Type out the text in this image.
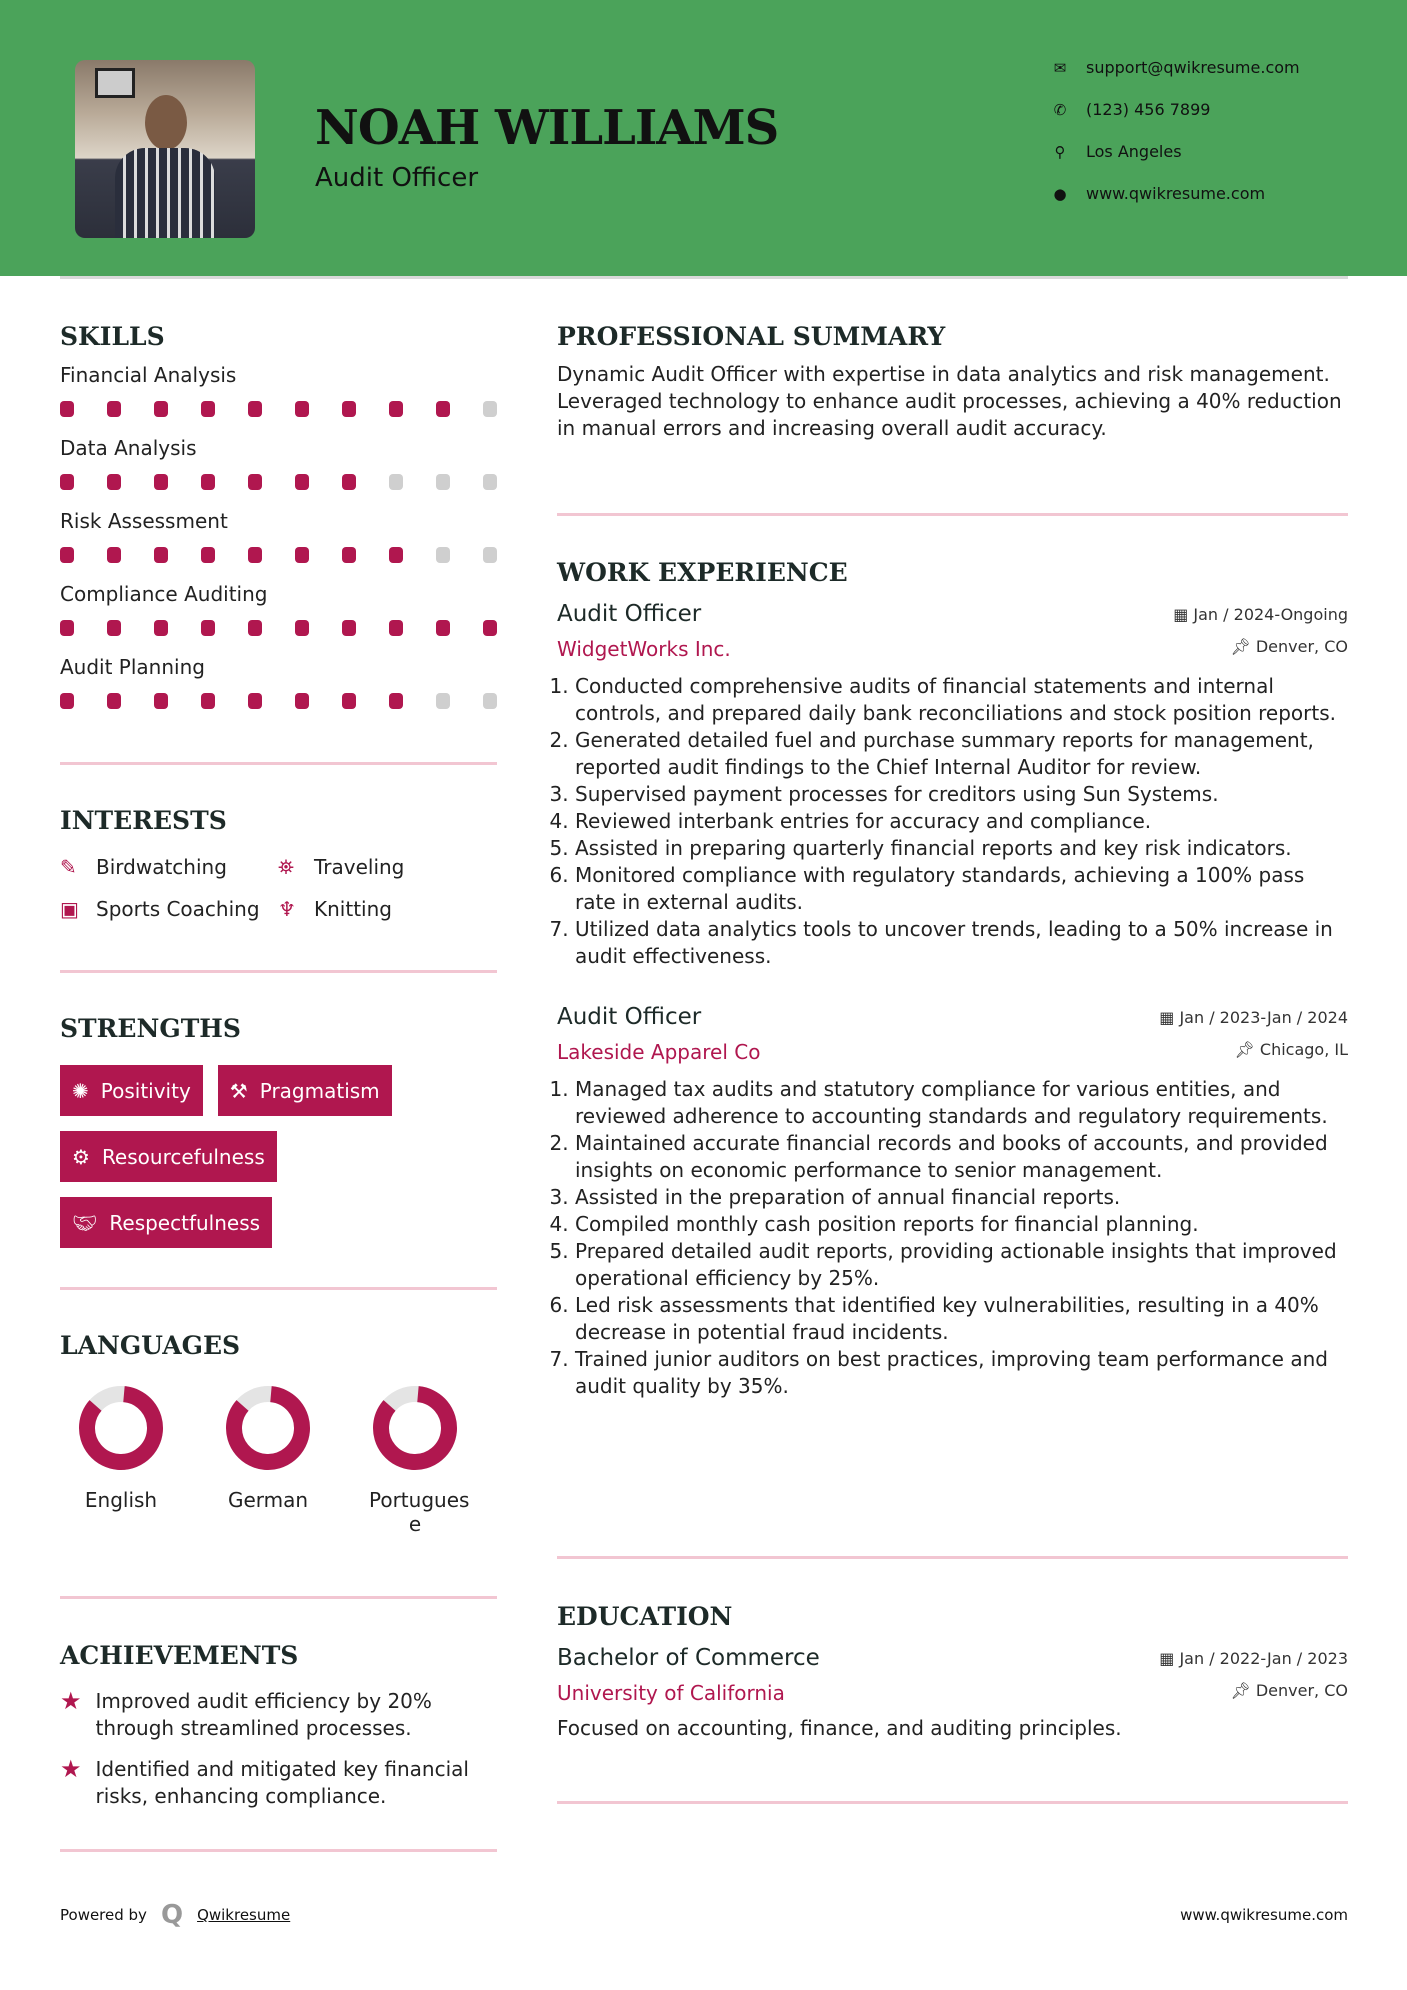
NOAH WILLIAMS
Audit Officer
✉ support@qwikresume.com
✆ (123) 456 7899
⚲ Los Angeles
● www.qwikresume.com
SKILLS
Financial Analysis
Data Analysis
Risk Assessment
Compliance Auditing
Audit Planning
INTERESTS
✎ Birdwatching	⛯	Traveling
▣ Sports Coaching ♆ Knitting
STRENGTHS
✺ Positivity ⚒ Pragmatism
⚙ Resourcefulness
🤝︎ Respectfulness
LANGUAGES
English	German	Portugues e
ACHIEVEMENTS
★ Improved audit efficiency by 20% through streamlined processes.
★ Identified and mitigated key financial risks, enhancing compliance.
PROFESSIONAL SUMMARY
Dynamic Audit Officer with expertise in data analytics and risk management. Leveraged technology to enhance audit processes, achieving a 40% reduction in manual errors and increasing overall audit accuracy.
WORK EXPERIENCE
Audit Officer
WidgetWorks Inc.
▦ Jan / 2024-Ongoing
📌︎ Denver, CO
1. Conducted comprehensive audits of financial statements and internal controls, and prepared daily bank reconciliations and stock position reports.
2. Generated detailed fuel and purchase summary reports for management, reported audit findings to the Chief Internal Auditor for review.
3. Supervised payment processes for creditors using Sun Systems.
4. Reviewed interbank entries for accuracy and compliance.
5. Assisted in preparing quarterly financial reports and key risk indicators.
6. Monitored compliance with regulatory standards, achieving a 100% pass rate in external audits.
7. Utilized data analytics tools to uncover trends, leading to a 50% increase in audit effectiveness.
Audit Officer
Lakeside Apparel Co
▦ Jan / 2023-Jan / 2024
📌︎ Chicago, IL
1. Managed tax audits and statutory compliance for various entities, and reviewed adherence to accounting standards and regulatory requirements.
2. Maintained accurate financial records and books of accounts, and provided insights on economic performance to senior management.
3. Assisted in the preparation of annual financial reports.
4. Compiled monthly cash position reports for financial planning.
5. Prepared detailed audit reports, providing actionable insights that improved operational efficiency by 25%.
6. Led risk assessments that identified key vulnerabilities, resulting in a 40% decrease in potential fraud incidents.
7. Trained junior auditors on best practices, improving team performance and audit quality by 35%.
EDUCATION
Bachelor of Commerce
University of California
▦ Jan / 2022-Jan / 2023
📌︎ Denver, CO
Focused on accounting, finance, and auditing principles.
Powered by Q Qwikresume	www.qwikresume.com
